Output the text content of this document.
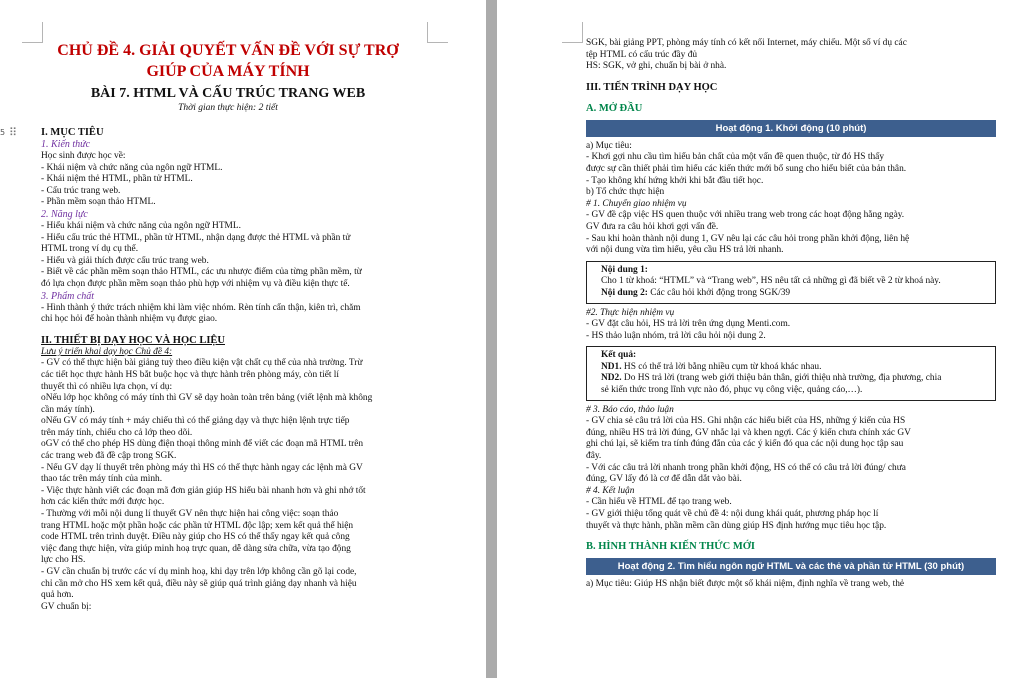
5 ⠿

CHỦ ĐỀ 4. GIẢI QUYẾT VẤN ĐỀ VỚI SỰ TRỢ

GIÚP CỦA MÁY TÍNH

BÀI 7. HTML VÀ CẤU TRÚC TRANG WEB

Thời gian thực hiện: 2 tiết
I. MỤC TIÊU
1. Kiến thức
Học sinh được học về:
- Khái niệm và chức năng của ngôn ngữ HTML.
- Khái niệm thẻ HTML, phần tử HTML.
- Cấu trúc trang web.
- Phần mềm soạn thảo HTML.
2. Năng lực
- Hiểu khái niệm và chức năng của ngôn ngữ HTML.
- Hiểu cấu trúc thẻ HTML, phần tử HTML, nhận dạng được thẻ HTML và phần tử
HTML trong ví dụ cụ thể.
- Hiểu và giải thích được cấu trúc trang web.
- Biết về các phần mềm soạn thảo HTML, các ưu nhược điểm của từng phần mềm, từ
đó lựa chọn được phần mềm soạn thảo phù hợp với nhiệm vụ và điều kiện thực tế.
3. Phẩm chất
- Hình thành ý thức trách nhiệm khi làm việc nhóm. Rèn tính cẩn thận, kiên trì, chăm
chỉ học hỏi để hoàn thành nhiệm vụ được giao.
II. THIẾT BỊ DẠY HỌC VÀ HỌC LIỆU
Lưu ý triển khai dạy học Chủ đề 4:
- GV có thể thực hiện bài giảng tuỳ theo điều kiện vật chất cụ thể của nhà trường. Trừ
các tiết học thực hành HS bắt buộc học và thực hành trên phòng máy, còn tiết lí
thuyết thì có nhiều lựa chọn, ví dụ:
oNếu lớp học không có máy tính thì GV sẽ dạy hoàn toàn trên bảng (viết lệnh mà không
cần máy tính).
oNếu GV có máy tính + máy chiếu thì có thể giảng dạy và thực hiện lệnh trực tiếp
trên máy tính, chiếu cho cả lớp theo dõi.
oGV có thể cho phép HS dùng điện thoại thông minh để viết các đoạn mã HTML trên
các trang web đã đề cập trong SGK.
- Nếu GV dạy lí thuyết trên phòng máy thì HS có thể thực hành ngay các lệnh mà GV
thao tác trên máy tính của mình.
- Việc thực hành viết các đoạn mã đơn giản giúp HS hiểu bài nhanh hơn và ghi nhớ tốt
hơn các kiến thức mới được học.
- Thường với mỗi nội dung lí thuyết GV nên thực hiện hai công việc: soạn thảo
trang HTML hoặc một phần hoặc các phần tử HTML độc lập; xem kết quả thể hiện
code HTML trên trình duyệt. Điều này giúp cho HS có thể thấy ngay kết quả công
việc đang thực hiện, vừa giúp minh hoạ trực quan, dễ dàng sửa chữa, vừa tạo động
lực cho HS.
- GV cần chuẩn bị trước các ví dụ minh hoạ, khi dạy trên lớp không cần gõ lại code,
chỉ cần mở cho HS xem kết quả, điều này sẽ giúp quá trình giảng dạy nhanh và hiệu
quả hơn.
GV chuẩn bị:
SGK, bài giảng PPT, phòng máy tính có kết nối Internet, máy chiếu. Một số ví dụ các
tệp HTML có cấu trúc đầy đủ
HS: SGK, vở ghi, chuẩn bị bài ở nhà.
III. TIẾN TRÌNH DẠY HỌC
A. MỞ ĐẦU
Hoạt động 1. Khởi động (10 phút)
a) Mục tiêu:
- Khơi gợi nhu cầu tìm hiểu bản chất của một vấn đề quen thuộc, từ đó HS thấy
được sự cần thiết phải tìm hiểu các kiến thức mới bổ sung cho hiểu biết của bản thân.
- Tạo không khí hứng khởi khi bắt đầu tiết học.
b) Tổ chức thực hiện
# 1. Chuyển giao nhiệm vụ
- GV đề cập việc HS quen thuộc với nhiều trang web trong các hoạt động hằng ngày.
GV đưa ra câu hỏi khơi gợi vấn đề.
- Sau khi hoàn thành nội dung 1, GV nêu lại các câu hỏi trong phần khởi động, liên hệ
với nội dung vừa tìm hiểu, yêu cầu HS trả lời nhanh.
Nội dung 1:
Cho 1 từ khoá: “HTML” và “Trang web”, HS nêu tất cả những gì đã biết về 2 từ khoá này.
Nội dung 2: Các câu hỏi khởi động trong SGK/39
#2. Thực hiện nhiệm vụ
- GV đặt câu hỏi, HS trả lời trên ứng dụng Menti.com.
- HS thảo luận nhóm, trả lời câu hỏi nội dung 2.
Kết quả:
ND1. HS có thể trả lời bằng nhiều cụm từ khoá khác nhau.
ND2. Do HS trả lời (trang web giới thiệu bản thân, giới thiệu nhà trường, địa phương, chia
sẻ kiến thức trong lĩnh vực nào đó, phục vụ công việc, quảng cáo,…).
# 3. Báo cáo, thảo luận
- GV chia sẻ câu trả lời của HS. Ghi nhận các hiểu biết của HS, những ý kiến của HS
đúng, nhiều HS trả lời đúng, GV nhắc lại và khen ngợi. Các ý kiến chưa chính xác GV
ghi chú lại, sẽ kiểm tra tính đúng đắn của các ý kiến đó qua các nội dung học tập sau
đây.
- Với các câu trả lời nhanh trong phần khởi động, HS có thể có câu trả lời đúng/ chưa
đúng, GV lấy đó là cơ để dẫn dắt vào bài.
# 4. Kết luận
- Cần hiểu về HTML để tạo trang web.
- GV giới thiệu tổng quát về chủ đề 4: nội dung khái quát, phương pháp học lí
thuyết và thực hành, phần mềm cần dùng giúp HS định hướng mục tiêu học tập.
B. HÌNH THÀNH KIẾN THỨC MỚI
Hoạt động 2. Tìm hiểu ngôn ngữ HTML và các thẻ và phần tử HTML (30 phút)
a) Mục tiêu: Giúp HS nhận biết được một số khái niệm, định nghĩa về trang web, thẻ
